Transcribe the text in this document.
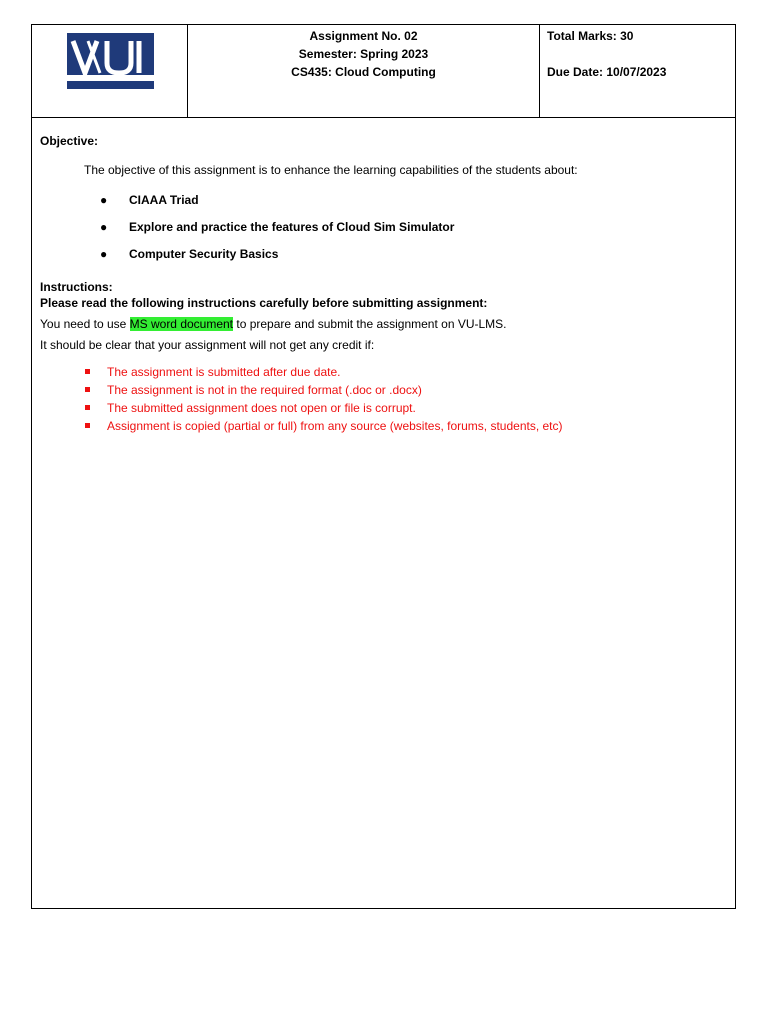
Virtual University
Assignment No. 02
Semester: Spring 2023
CS435: Cloud Computing
Total Marks: 30
Due Date: 10/07/2023

Objective:

The objective of this assignment is to enhance the learning capabilities of the students about:

● CIAAA Triad
● Explore and practice the features of Cloud Sim Simulator
● Computer Security Basics

Instructions:

Please read the following instructions carefully before submitting assignment:

You need to use MS word document to prepare and submit the assignment on VU-LMS.

It should be clear that your assignment will not get any credit if:

The assignment is submitted after due date.
The assignment is not in the required format (.doc or .docx)
The submitted assignment does not open or file is corrupt.
Assignment is copied (partial or full) from any source (websites, forums, students, etc)
